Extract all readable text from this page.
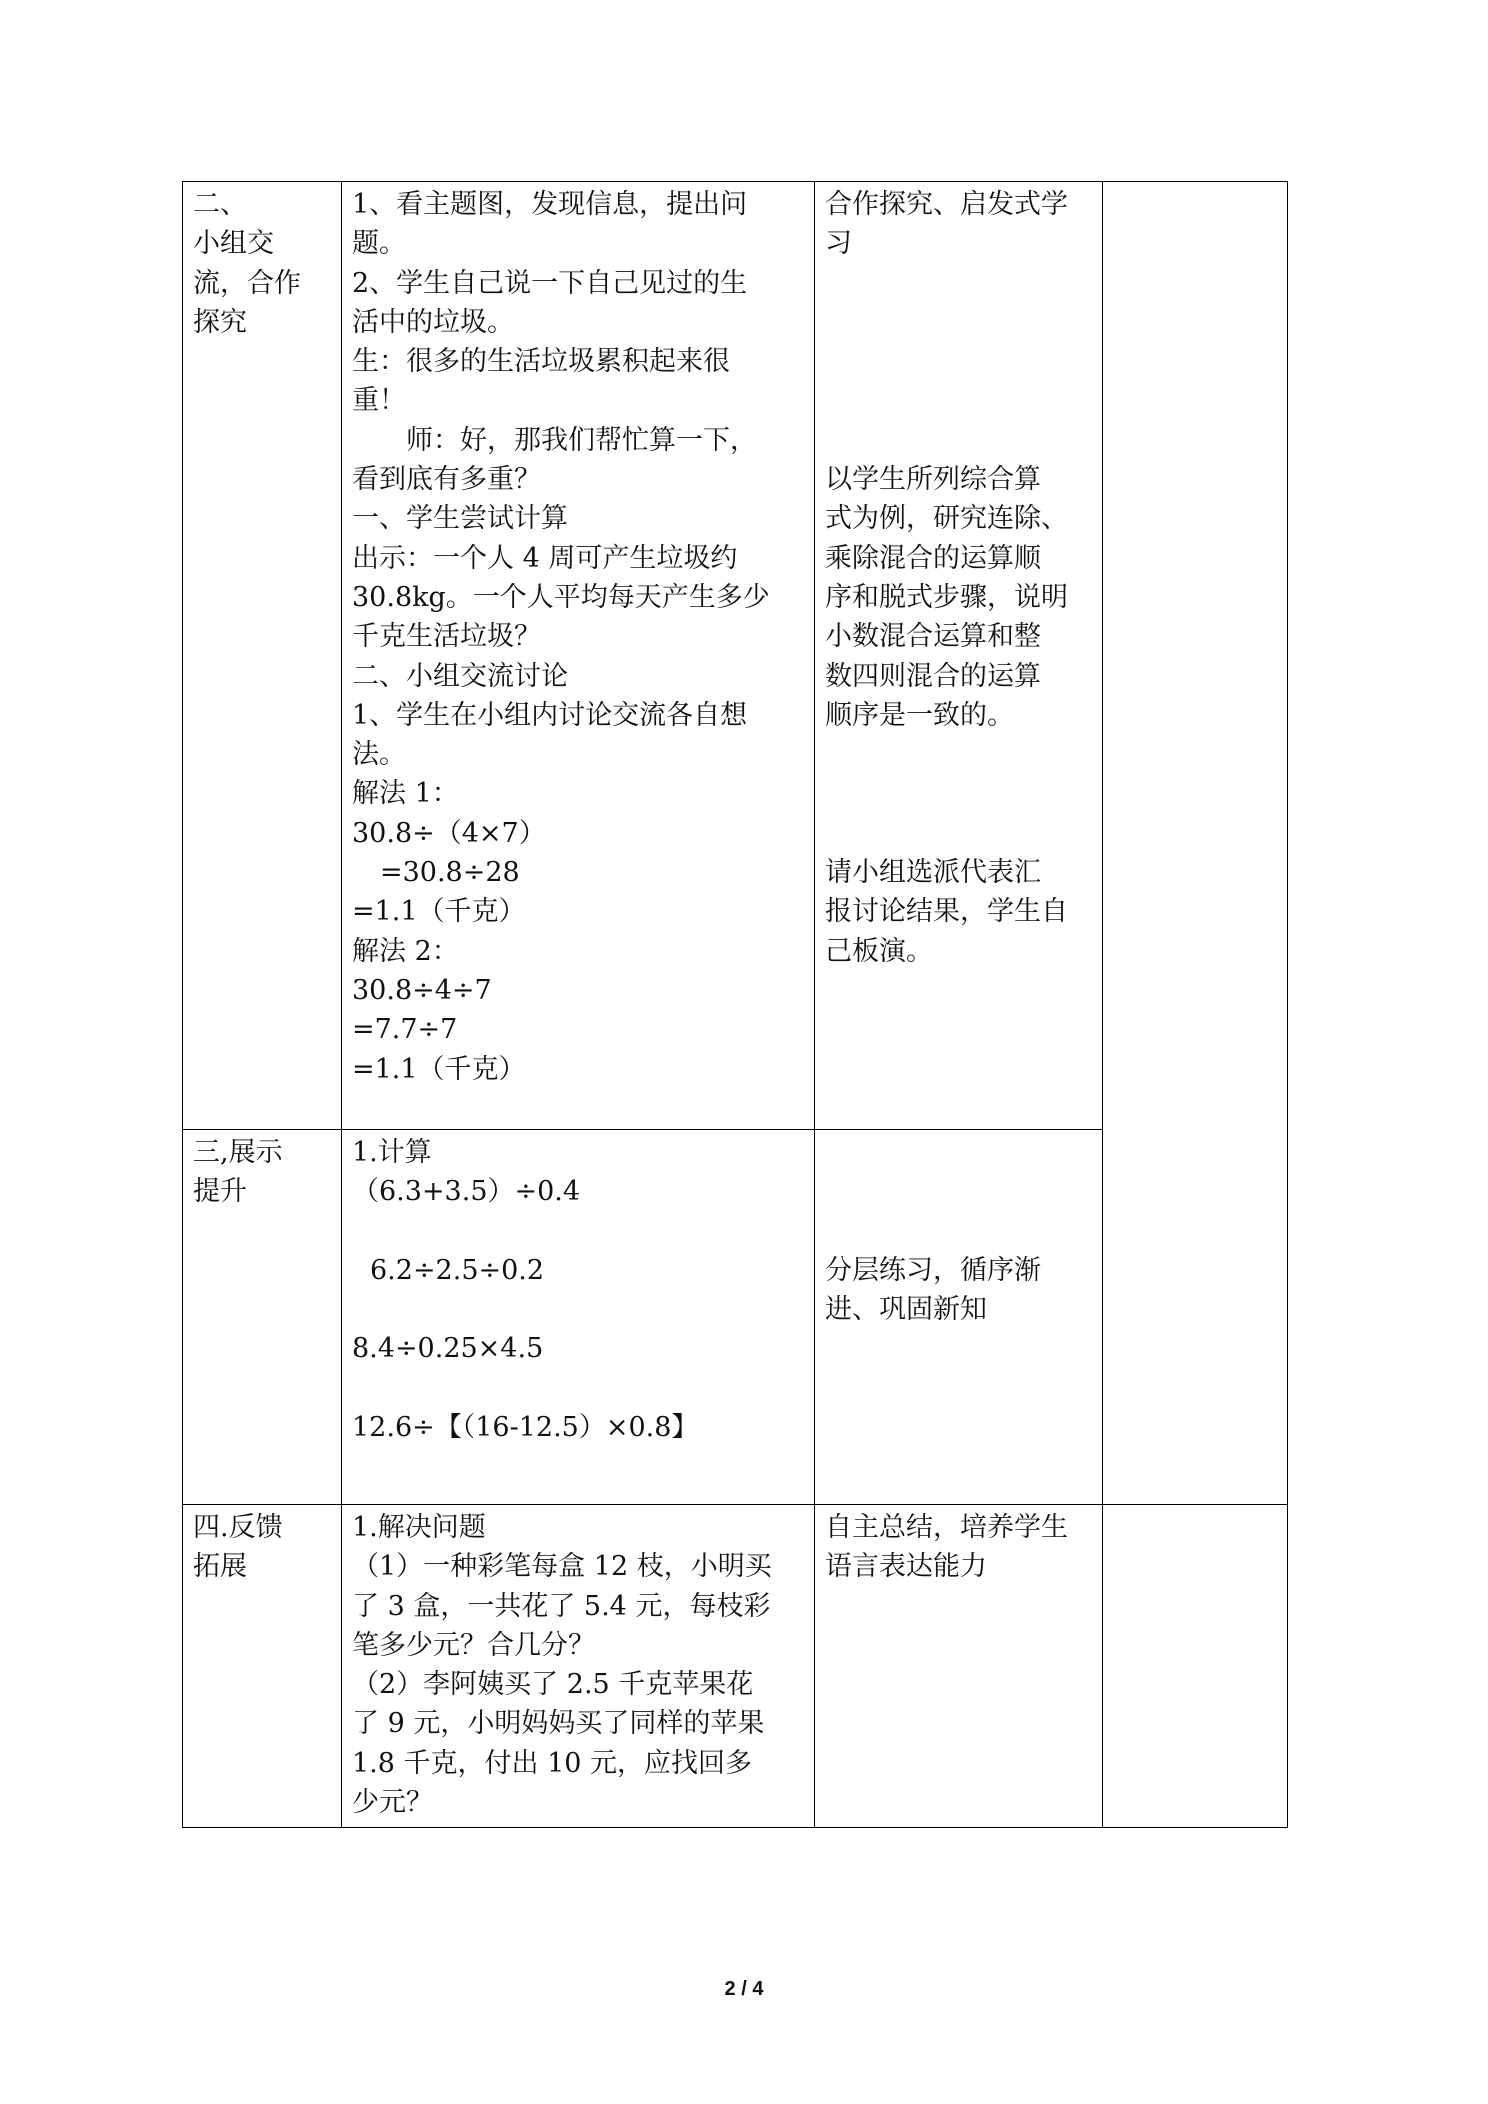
二、
小组交
流，合作
探究
1、看主题图，发现信息，提出问
题。
2、学生自己说一下自己见过的生
活中的垃圾。
生：很多的生活垃圾累积起来很
重！
师：好，那我们帮忙算一下，
看到底有多重？
一、学生尝试计算
出示：一个人 4 周可产生垃圾约
30.8kg。一个人平均每天产生多少
千克生活垃圾？
二、小组交流讨论
1、学生在小组内讨论交流各自想
法。
解法 1：
30.8÷（4×7）
=30.8÷28
=1.1（千克）
解法 2：
30.8÷4÷7
=7.7÷7
=1.1（千克）
合作探究、启发式学
习
以学生所列综合算
式为例，研究连除、
乘除混合的运算顺
序和脱式步骤，说明
小数混合运算和整
数四则混合的运算
顺序是一致的。
请小组选派代表汇
报讨论结果，学生自
己板演。
三,展示
提升
1.计算
（6.3+3.5）÷0.4
6.2÷2.5÷0.2
8.4÷0.25×4.5
12.6÷【（16-12.5）×0.8】
分层练习，循序渐
进、巩固新知
四.反馈
拓展
1.解决问题
（1）一种彩笔每盒 12 枝，小明买
了 3 盒，一共花了 5.4 元，每枝彩
笔多少元？合几分？
（2）李阿姨买了 2.5 千克苹果花
了 9 元，小明妈妈买了同样的苹果
1.8 千克，付出 10 元，应找回多
少元？
自主总结，培养学生
语言表达能力
2 / 4
